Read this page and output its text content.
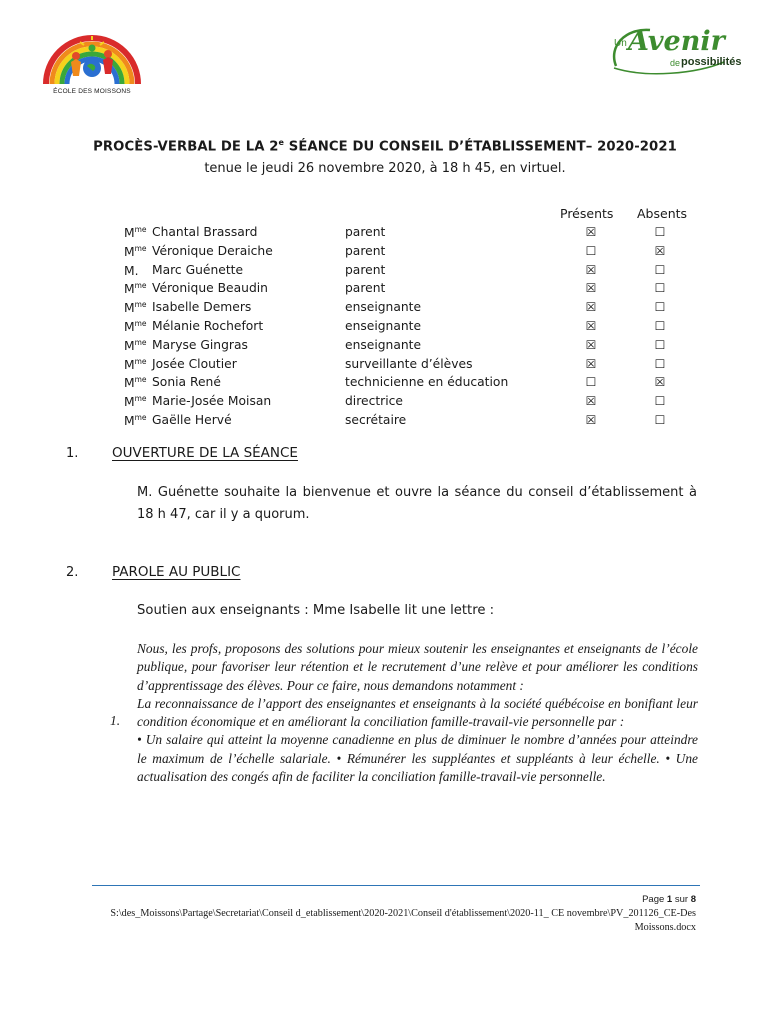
ÉCOLE DES MOISSONS
Un Avenir
de possibilités
PROCÈS-VERBAL DE LA 2e SÉANCE DU CONSEIL D’ÉTABLISSEMENT– 2020-2021
tenue le jeudi 26 novembre 2020, à 18 h 45, en virtuel.
Présents Absents
$M^{me}$ Chantal Brassard	parent	☒	☐
$M^{me}$ Véronique Deraiche	parent	☐	☒
M. Marc Guénette	parent	☒	☐
$M^{me}$ Véronique Beaudin	parent	☒	☐
$M^{me}$ Isabelle Demers	enseignante	☒	☐
$M^{me}$ Mélanie Rochefort	enseignante	☒	☐
$M^{me}$ Maryse Gingras	enseignante	☒	☐
$M^{me}$ Josée Cloutier	surveillante d’élèves	☒	☐
$M^{me}$ Sonia René	technicienne en éducation	☐	☒
$M^{me}$ Marie-Josée Moisan	directrice	☒	☐
$M^{me}$ Gaëlle Hervé	secrétaire	☒	☐
1. OUVERTURE DE LA SÉANCE
M. Guénette souhaite la bienvenue et ouvre la séance du conseil d’établissement à 18 h 47, car il y a quorum.
2. PAROLE AU PUBLIC
Soutien aux enseignants : Mme Isabelle lit une lettre :

Nous, les profs, proposons des solutions pour mieux soutenir les enseignantes et enseignants de l’école publique, pour favoriser leur rétention et le recrutement d’une relève et pour améliorer les conditions d’apprentissage des élèves. Pour ce faire, nous demandons notamment :

La reconnaissance de l’apport des enseignantes et enseignants à la société québécoise en bonifiant leur condition économique et en améliorant la conciliation famille-travail-vie personnelle par :

• Un salaire qui atteint la moyenne canadienne en plus de diminuer le nombre d’années pour atteindre le maximum de l’échelle salariale. • Rémunérer les suppléantes et suppléants à leur échelle. • Une actualisation des congés afin de faciliter la conciliation famille-travail-vie personnelle.

1.
Page 1 sur 8
S:\des_Moissons\Partage\Secretariat\Conseil d_etablissement\2020-2021\Conseil d'établissement\2020-11_ CE novembre\PV_201126_CE-Des Moissons.docx
